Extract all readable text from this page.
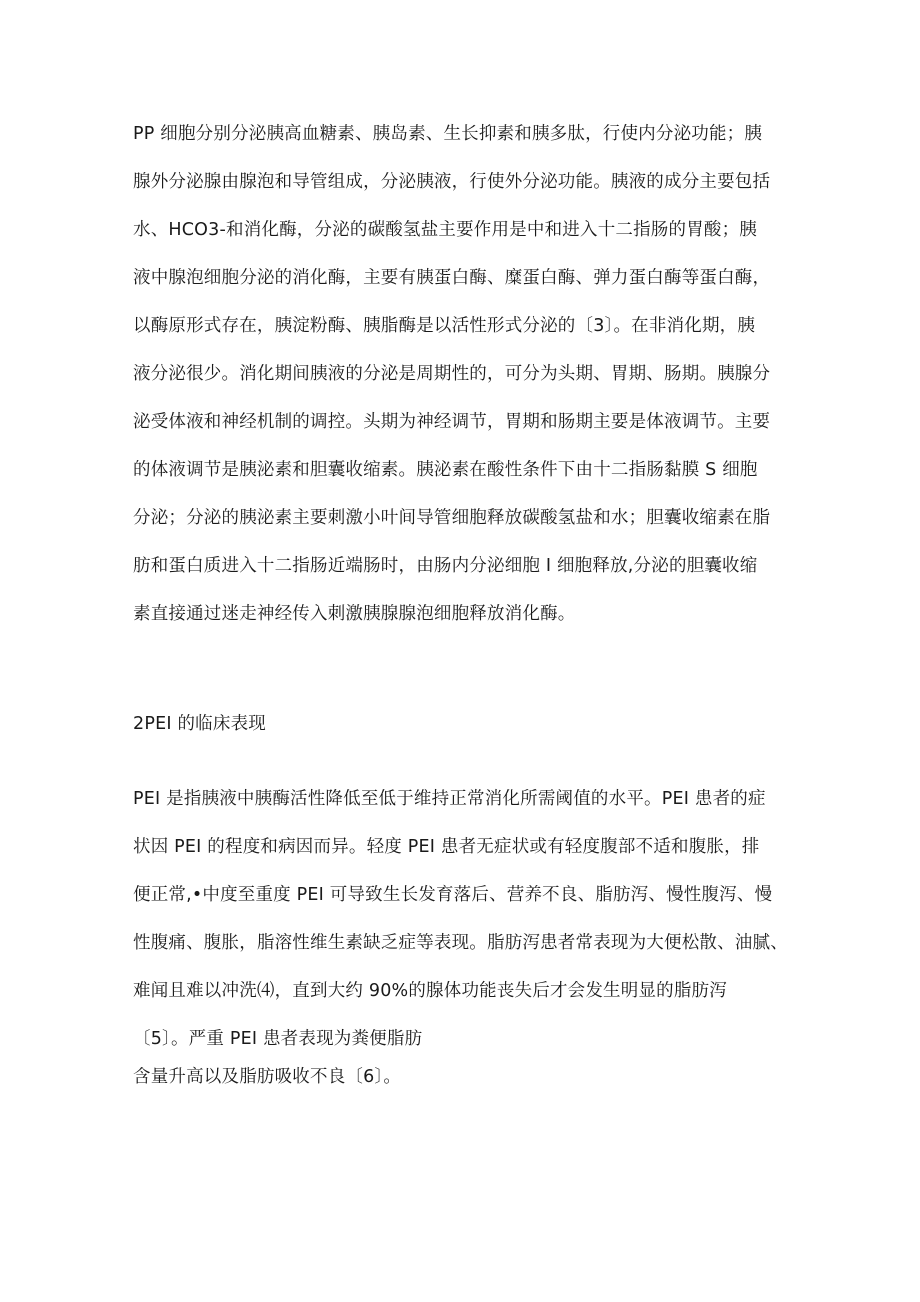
PP 细胞分别分泌胰高血糖素、胰岛素、生长抑素和胰多肽，行使内分泌功能；胰
腺外分泌腺由腺泡和导管组成，分泌胰液，行使外分泌功能。胰液的成分主要包括
水、HCO3-和消化酶，分泌的碳酸氢盐主要作用是中和进入十二指肠的胃酸；胰
液中腺泡细胞分泌的消化酶，主要有胰蛋白酶、糜蛋白酶、弹力蛋白酶等蛋白酶，
以酶原形式存在，胰淀粉酶、胰脂酶是以活性形式分泌的〔3〕。在非消化期，胰
液分泌很少。消化期间胰液的分泌是周期性的，可分为头期、胃期、肠期。胰腺分
泌受体液和神经机制的调控。头期为神经调节，胃期和肠期主要是体液调节。主要
的体液调节是胰泌素和胆囊收缩素。胰泌素在酸性条件下由十二指肠黏膜 S 细胞
分泌；分泌的胰泌素主要刺激小叶间导管细胞释放碳酸氢盐和水；胆囊收缩素在脂
肪和蛋白质进入十二指肠近端肠时，由肠内分泌细胞 I 细胞释放,分泌的胆囊收缩
素直接通过迷走神经传入刺激胰腺腺泡细胞释放消化酶。
2PEI 的临床表现
PEI 是指胰液中胰酶活性降低至低于维持正常消化所需阈值的水平。PEI 患者的症
状因 PEI 的程度和病因而异。轻度 PEI 患者无症状或有轻度腹部不适和腹胀，排
便正常,•中度至重度 PEI 可导致生长发育落后、营养不良、脂肪泻、慢性腹泻、慢
性腹痛、腹胀，脂溶性维生素缺乏症等表现。脂肪泻患者常表现为大便松散、油腻、
难闻且难以冲洗⑷，直到大约 90%的腺体功能丧失后才会发生明显的脂肪泻
〔5〕。严重 PEI 患者表现为粪便脂肪
含量升高以及脂肪吸收不良〔6〕。
